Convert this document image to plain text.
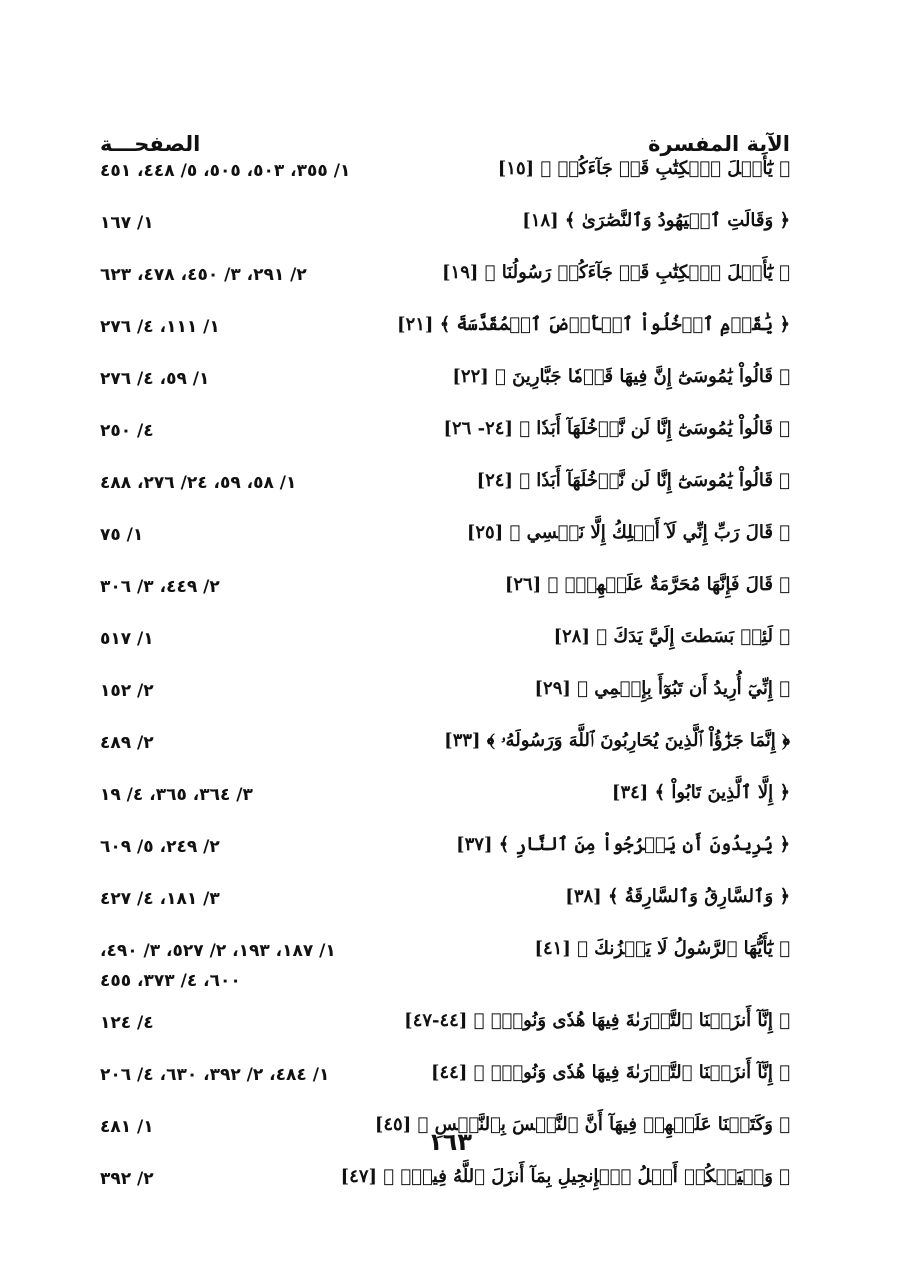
الآية المفسرة
الصفحـــة
﴿ يَٰٓأَهۡلَ ٱلۡكِتَٰبِ قَدۡ جَآءَكُمۡ ﴾ [١٥]
١/ ٣٥٥، ٥٠٣، ٥٠٥، ٥/ ٤٤٨، ٤٥١
﴿ وَقَالَتِ ٱلۡيَهُودُ وَٱلنَّصَٰرَىٰ ﴾ [١٨]
١/ ١٦٧
﴿ يَٰٓأَهۡلَ ٱلۡكِتَٰبِ قَدۡ جَآءَكُمۡ رَسُولُنَا ﴾ [١٩]
٢/ ٢٩١، ٣/ ٤٥٠، ٤٧٨، ٦٢٣
﴿ يَٰقَوۡمِ ٱدۡخُلُواْ ٱلۡأَرۡضَ ٱلۡمُقَدَّسَةَ ﴾ [٢١]
١/ ١١١، ٤/ ٢٧٦
﴿ قَالُواْ يَٰمُوسَىٰٓ إِنَّ فِيهَا قَوۡمٗا جَبَّارِينَ ﴾ [٢٢]
١/ ٥٩، ٤/ ٢٧٦
﴿ قَالُواْ يَٰمُوسَىٰٓ إِنَّا لَن نَّدۡخُلَهَآ أَبَدٗا ﴾ [٢٤- ٢٦]
٤/ ٢٥٠
﴿ قَالُواْ يَٰمُوسَىٰٓ إِنَّا لَن نَّدۡخُلَهَآ أَبَدٗا ﴾ [٢٤]
١/ ٥٨، ٥٩، ٢٤/ ٢٧٦، ٤٨٨
﴿ قَالَ رَبِّ إِنِّي لَآ أَمۡلِكُ إِلَّا نَفۡسِي ﴾ [٢٥]
١/ ٧٥
﴿ قَالَ فَإِنَّهَا مُحَرَّمَةٌ عَلَيۡهِمۡۛ ﴾ [٢٦]
٢/ ٤٤٩، ٣/ ٣٠٦
﴿ لَئِنۢ بَسَطتَ إِلَيَّ يَدَكَ ﴾ [٢٨]
١/ ٥١٧
﴿ إِنِّيٓ أُرِيدُ أَن تَبُوٓأَ بِإِثۡمِي ﴾ [٢٩]
٢/ ١٥٢
﴿ إِنَّمَا جَزَٰٓؤُاْ ٱلَّذِينَ يُحَارِبُونَ ٱللَّهَ وَرَسُولَهُۥ ﴾ [٣٣]
٢/ ٤٨٩
﴿ إِلَّا ٱلَّذِينَ تَابُواْ ﴾ [٣٤]
٣/ ٣٦٤، ٣٦٥، ٤/ ١٩
﴿ يُرِيدُونَ أَن يَخۡرُجُواْ مِنَ ٱلنَّارِ ﴾ [٣٧]
٢/ ٢٤٩، ٥/ ٦٠٩
﴿ وَٱلسَّارِقُ وَٱلسَّارِقَةُ ﴾ [٣٨]
٣/ ١٨١، ٤/ ٤٢٧
﴿ يَٰٓأَيُّهَا ٱلرَّسُولُ لَا يَحۡزُنكَ ﴾ [٤١]
١/ ١٨٧، ١٩٣، ٢/ ٥٢٧، ٣/ ٤٩٠، ٦٠٠، ٤/ ٣٧٣، ٤٥٥
﴿ إِنَّآ أَنزَلۡنَا ٱلتَّوۡرَىٰةَ فِيهَا هُدٗى وَنُورٞۚ ﴾ [٤٤-٤٧]
٤/ ١٢٤
﴿ إِنَّآ أَنزَلۡنَا ٱلتَّوۡرَىٰةَ فِيهَا هُدٗى وَنُورٞۚ ﴾ [٤٤]
١/ ٤٨٤، ٢/ ٣٩٢، ٦٣٠، ٤/ ٢٠٦
﴿ وَكَتَبۡنَا عَلَيۡهِمۡ فِيهَآ أَنَّ ٱلنَّفۡسَ بِٱلنَّفۡسِ ﴾ [٤٥]
١/ ٤٨١
﴿ وَلۡيَحۡكُمۡ أَهۡلُ ٱلۡإِنجِيلِ بِمَآ أَنزَلَ ٱللَّهُ فِيهِۚ ﴾ [٤٧]
٢/ ٣٩٢
١٦٣
